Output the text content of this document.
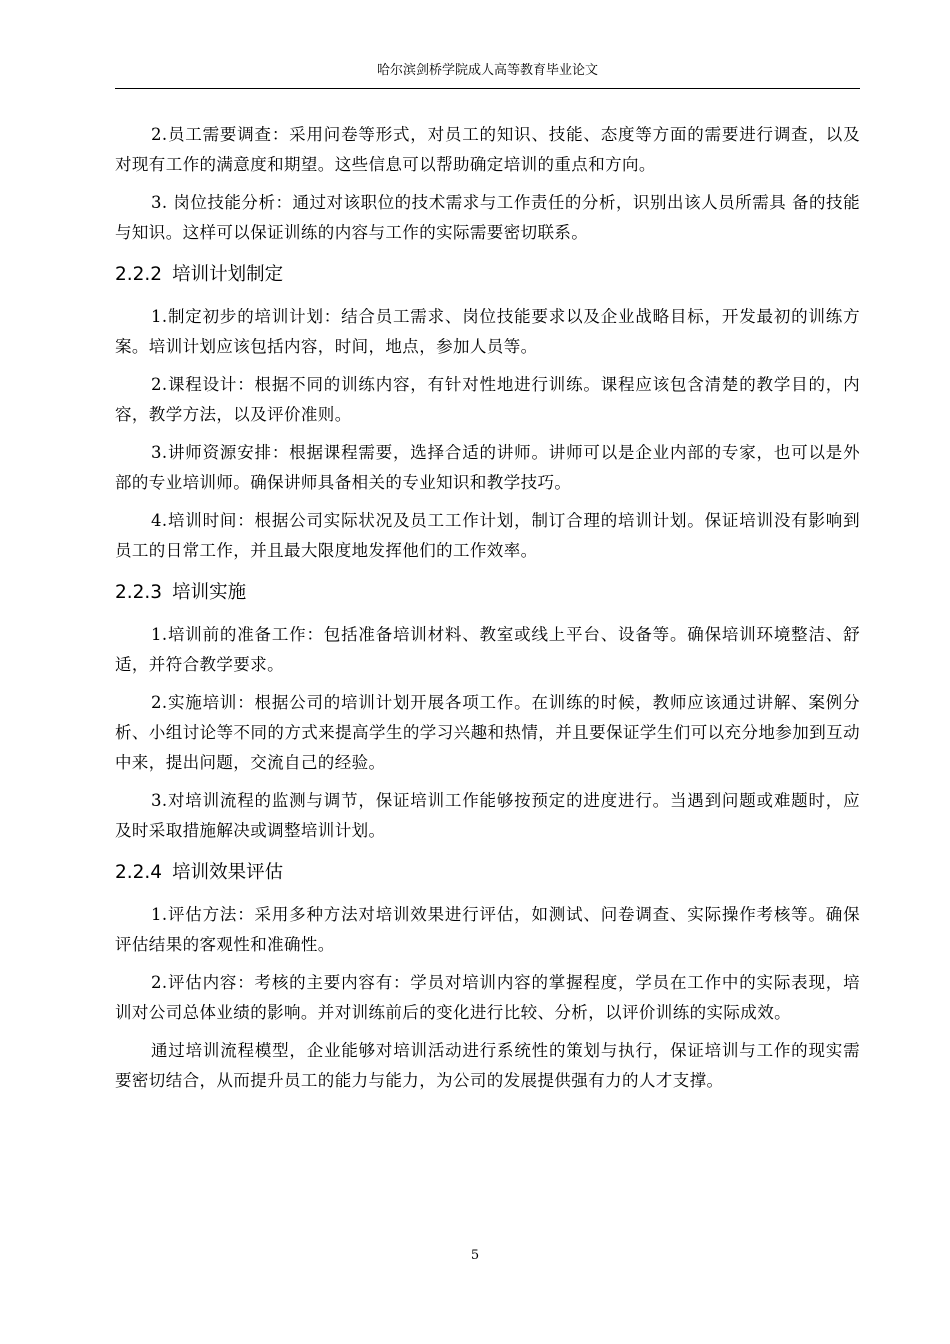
哈尔滨剑桥学院成人高等教育毕业论文

2.员工需要调查：采用问卷等形式，对员工的知识、技能、态度等方面的需要进行调查，以及对现有工作的满意度和期望。这些信息可以帮助确定培训的重点和方向。

3. 岗位技能分析：通过对该职位的技术需求与工作责任的分析，识别出该人员所需具 备的技能与知识。这样可以保证训练的内容与工作的实际需要密切联系。

2.2.2 培训计划制定

1.制定初步的培训计划：结合员工需求、岗位技能要求以及企业战略目标，开发最初的训练方案。培训计划应该包括内容，时间，地点，参加人员等。

2.课程设计：根据不同的训练内容，有针对性地进行训练。课程应该包含清楚的教学目的，内容，教学方法，以及评价准则。

3.讲师资源安排：根据课程需要，选择合适的讲师。讲师可以是企业内部的专家，也可以是外部的专业培训师。确保讲师具备相关的专业知识和教学技巧。

4.培训时间：根据公司实际状况及员工工作计划，制订合理的培训计划。保证培训没有影响到员工的日常工作，并且最大限度地发挥他们的工作效率。

2.2.3 培训实施

1.培训前的准备工作：包括准备培训材料、教室或线上平台、设备等。确保培训环境整洁、舒适，并符合教学要求。

2.实施培训：根据公司的培训计划开展各项工作。在训练的时候，教师应该通过讲解、案例分析、小组讨论等不同的方式来提高学生的学习兴趣和热情，并且要保证学生们可以充分地参加到互动中来，提出问题，交流自己的经验。

3.对培训流程的监测与调节，保证培训工作能够按预定的进度进行。当遇到问题或难题时，应及时采取措施解决或调整培训计划。

2.2.4 培训效果评估

1.评估方法：采用多种方法对培训效果进行评估，如测试、问卷调查、实际操作考核等。确保评估结果的客观性和准确性。

2.评估内容：考核的主要内容有：学员对培训内容的掌握程度，学员在工作中的实际表现，培训对公司总体业绩的影响。并对训练前后的变化进行比较、分析，以评价训练的实际成效。

通过培训流程模型，企业能够对培训活动进行系统性的策划与执行，保证培训与工作的现实需要密切结合，从而提升员工的能力与能力，为公司的发展提供强有力的人才支撑。

5
